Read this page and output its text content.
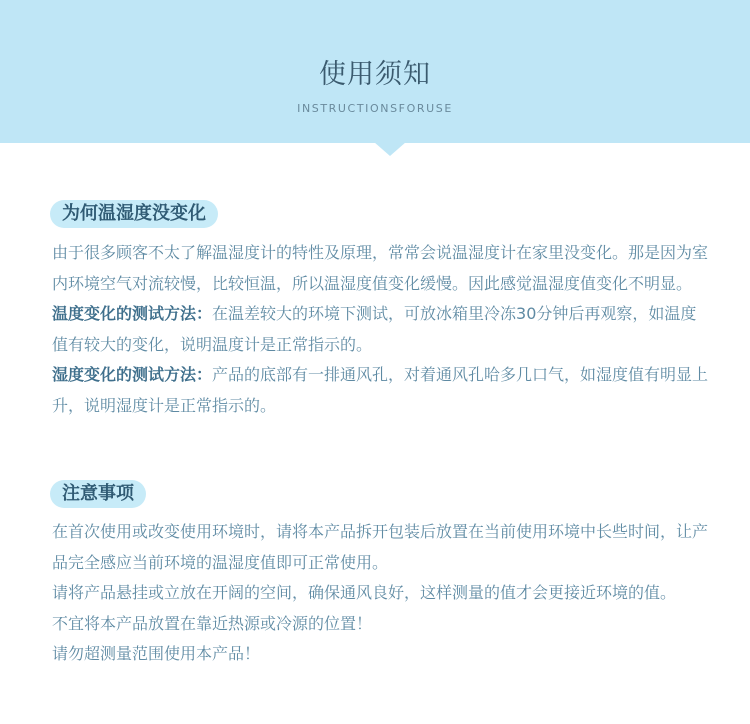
使用须知
INSTRUCTIONSFORUSE
为何温湿度没变化

由于很多顾客不太了解温湿度计的特性及原理，常常会说温湿度计在家里没变化。那是因为室内环境空气对流较慢，比较恒温，所以温湿度值变化缓慢。因此感觉温湿度值变化不明显。

温度变化的测试方法：在温差较大的环境下测试，可放冰箱里冷冻30分钟后再观察，如温度值有较大的变化，说明温度计是正常指示的。

湿度变化的测试方法：产品的底部有一排通风孔，对着通风孔哈多几口气，如湿度值有明显上升，说明湿度计是正常指示的。

注意事项

在首次使用或改变使用环境时，请将本产品拆开包装后放置在当前使用环境中长些时间，让产品完全感应当前环境的温湿度值即可正常使用。

请将产品悬挂或立放在开阔的空间，确保通风良好，这样测量的值才会更接近环境的值。

不宜将本产品放置在靠近热源或冷源的位置！

请勿超测量范围使用本产品！
